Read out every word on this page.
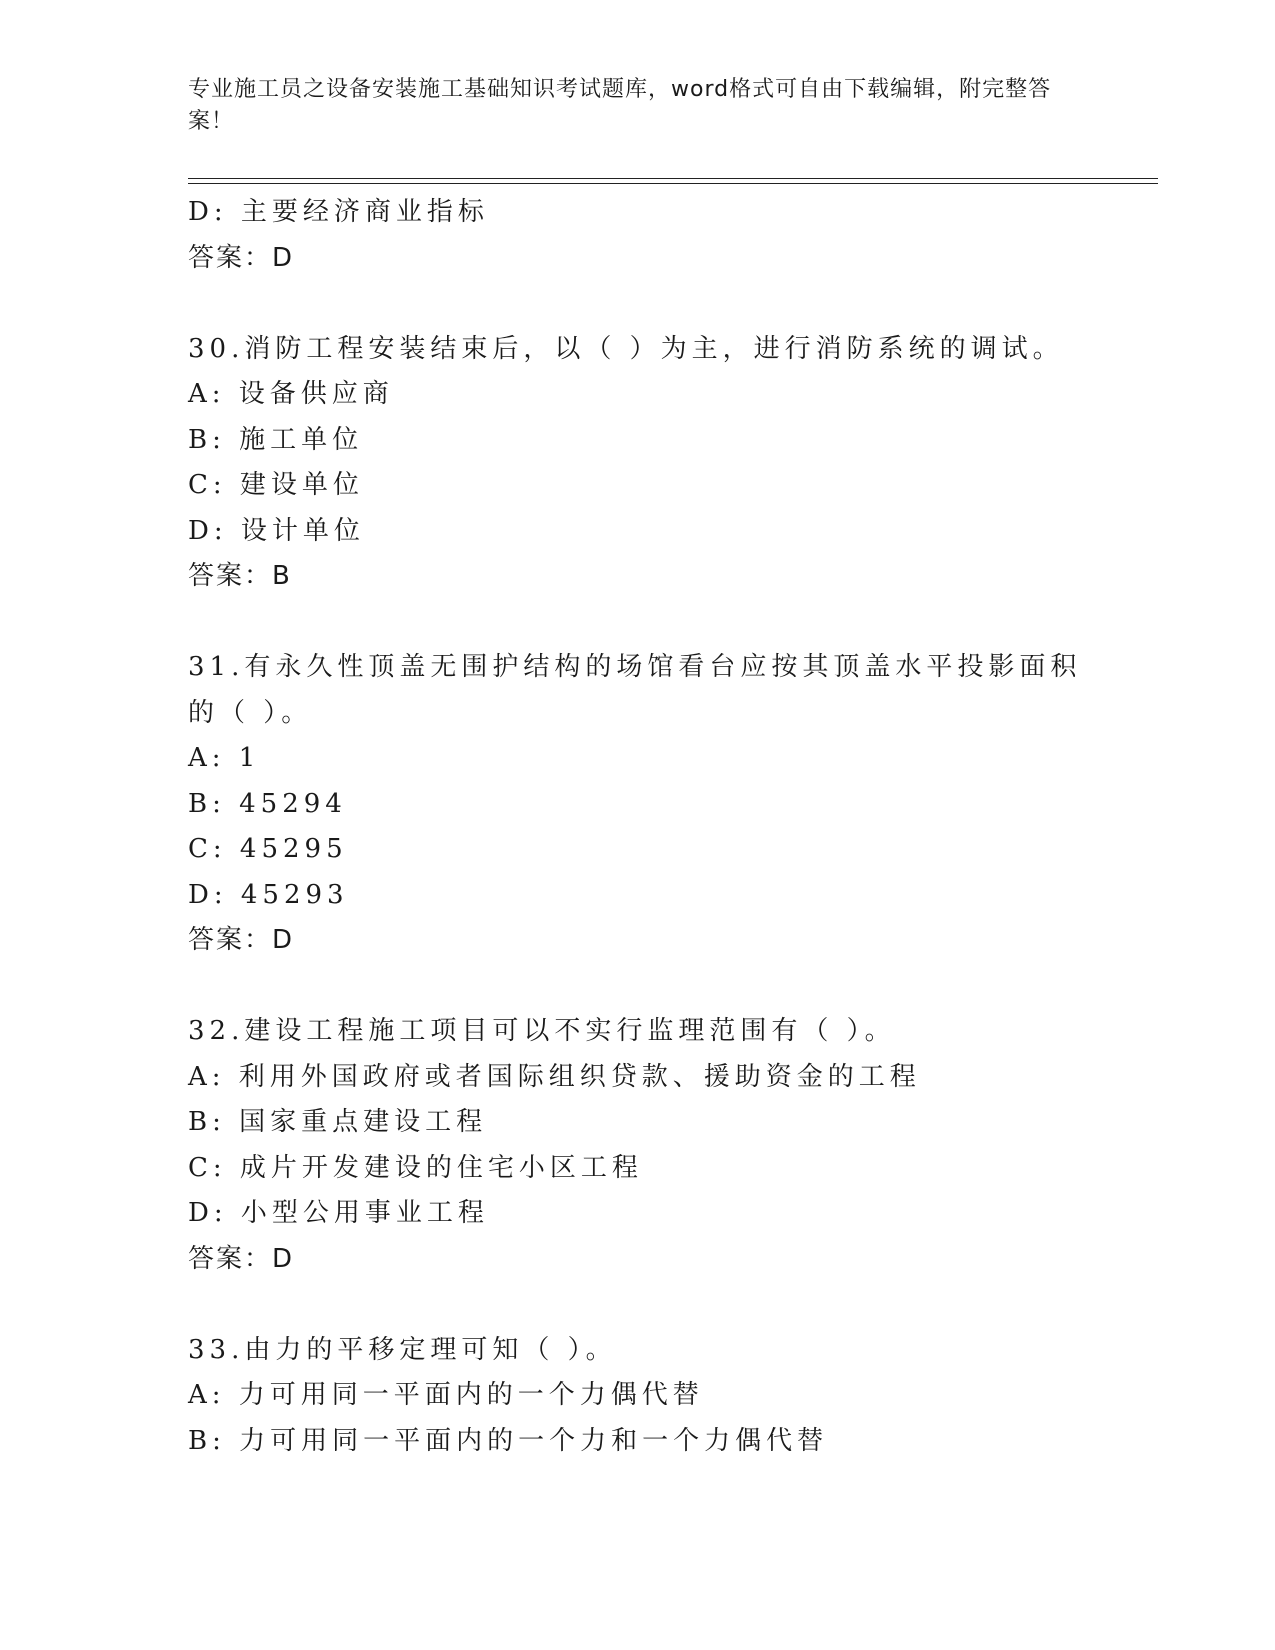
专业施工员之设备安装施工基础知识考试题库，word格式可自由下载编辑，附完整答案！
D: 主要经济商业指标
答案：D
30.消防工程安装结束后，以（ ）为主，进行消防系统的调试。
A: 设备供应商
B: 施工单位
C: 建设单位
D: 设计单位
答案：B
31.有永久性顶盖无围护结构的场馆看台应按其顶盖水平投影面积的（ ）。
A: 1
B: 45294
C: 45295
D: 45293
答案：D
32.建设工程施工项目可以不实行监理范围有（ ）。
A: 利用外国政府或者国际组织贷款、援助资金的工程
B: 国家重点建设工程
C: 成片开发建设的住宅小区工程
D: 小型公用事业工程
答案：D
33.由力的平移定理可知（ ）。
A: 力可用同一平面内的一个力偶代替
B: 力可用同一平面内的一个力和一个力偶代替
